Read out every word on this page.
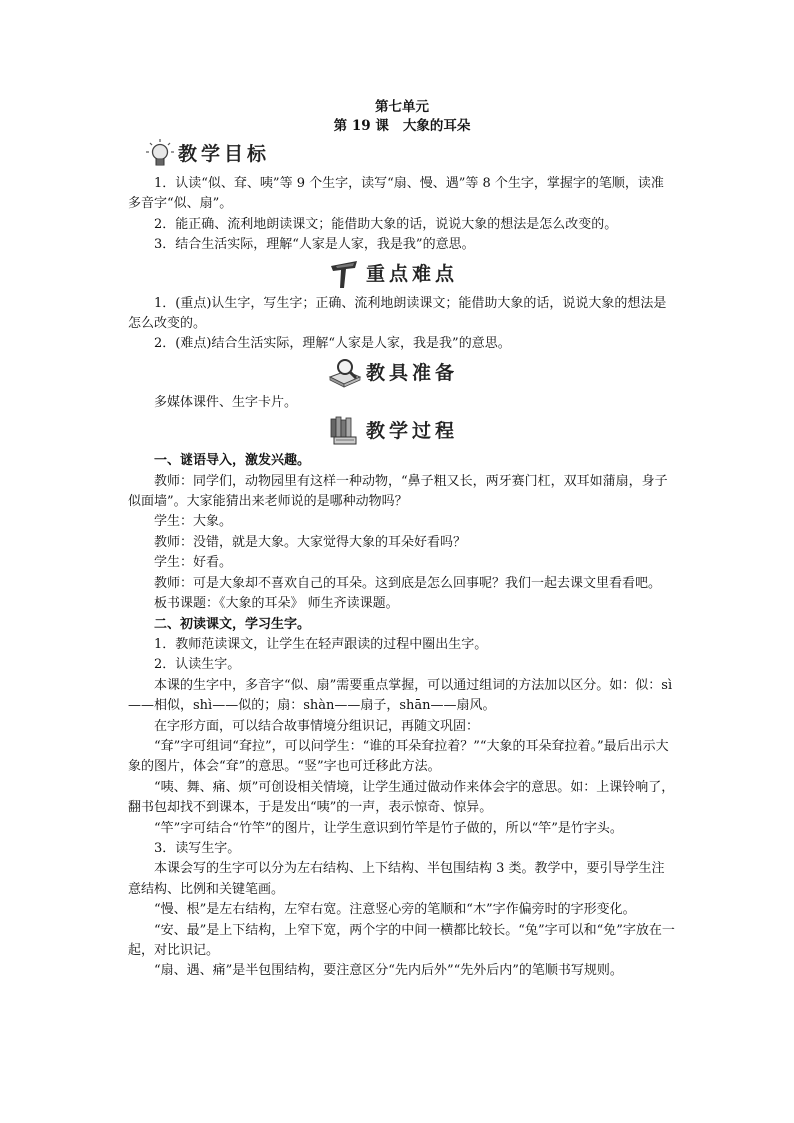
第七单元
第 19 课 大象的耳朵
教学目标

1．认读“似、耷、咦”等 9 个生字，读写“扇、慢、遇”等 8 个生字，掌握字的笔顺，读准多音字“似、扇”。

2．能正确、流利地朗读课文；能借助大象的话，说说大象的想法是怎么改变的。

3．结合生活实际，理解“人家是人家，我是我”的意思。

重点难点

1．(重点)认生字，写生字；正确、流利地朗读课文；能借助大象的话，说说大象的想法是怎么改变的。

2．(难点)结合生活实际，理解“人家是人家，我是我”的意思。

教具准备

多媒体课件、生字卡片。

教学过程

一、谜语导入，激发兴趣。

教师：同学们，动物园里有这样一种动物，“鼻子粗又长，两牙赛门杠，双耳如蒲扇，身子似面墙”。大家能猜出来老师说的是哪种动物吗？

学生：大象。

教师：没错，就是大象。大家觉得大象的耳朵好看吗？

学生：好看。

教师：可是大象却不喜欢自己的耳朵。这到底是怎么回事呢？我们一起去课文里看看吧。

板书课题：《大象的耳朵》 师生齐读课题。

二、初读课文，学习生字。

1．教师范读课文，让学生在轻声跟读的过程中圈出生字。

2．认读生字。

本课的生字中，多音字“似、扇”需要重点掌握，可以通过组词的方法加以区分。如：似：sì——相似，shì——似的；扇：shàn——扇子，shān——扇风。

在字形方面，可以结合故事情境分组识记，再随文巩固：

“耷”字可组词“耷拉”，可以问学生：“谁的耳朵耷拉着？”“大象的耳朵耷拉着。”最后出示大象的图片，体会“耷”的意思。“竖”字也可迁移此方法。

“咦、舞、痛、烦”可创设相关情境，让学生通过做动作来体会字的意思。如：上课铃响了，翻书包却找不到课本，于是发出“咦”的一声，表示惊奇、惊异。

“竿”字可结合“竹竿”的图片，让学生意识到竹竿是竹子做的，所以“竿”是竹字头。

3．读写生字。

本课会写的生字可以分为左右结构、上下结构、半包围结构 3 类。教学中，要引导学生注意结构、比例和关键笔画。

“慢、根”是左右结构，左窄右宽。注意竖心旁的笔顺和“木”字作偏旁时的字形变化。

“安、最”是上下结构，上窄下宽，两个字的中间一横都比较长。“兔”字可以和“免”字放在一起，对比识记。

“扇、遇、痛”是半包围结构，要注意区分“先内后外”“先外后内”的笔顺书写规则。
